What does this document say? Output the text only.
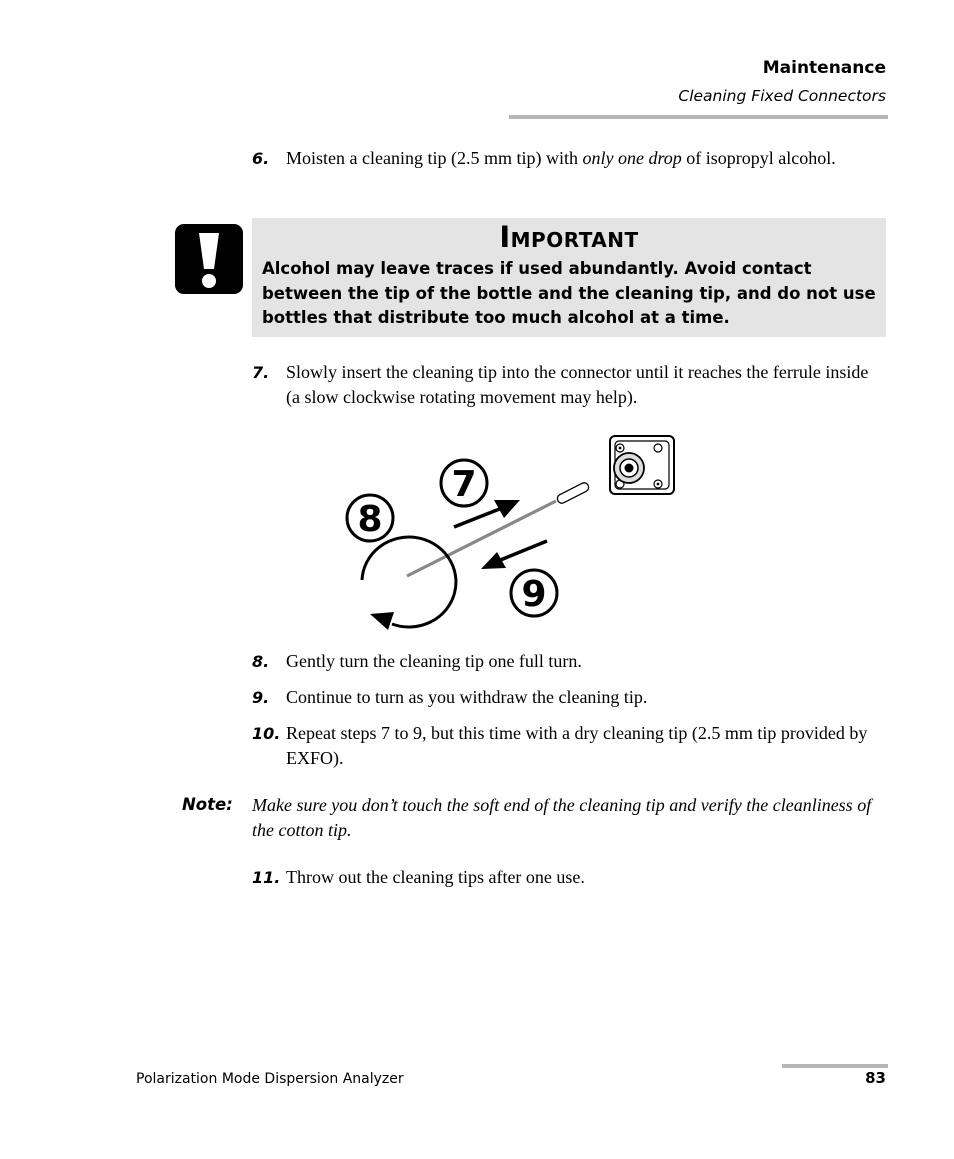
Maintenance
Cleaning Fixed Connectors
6. Moisten a cleaning tip (2.5 mm tip) with only one drop of isopropyl alcohol.
Important
Alcohol may leave traces if used abundantly. Avoid contact between the tip of the bottle and the cleaning tip, and do not use bottles that distribute too much alcohol at a time.
7. Slowly insert the cleaning tip into the connector until it reaches the ferrule inside (a slow clockwise rotating movement may help).
7
8
9
8. Gently turn the cleaning tip one full turn.
9. Continue to turn as you withdraw the cleaning tip.
10. Repeat steps 7 to 9, but this time with a dry cleaning tip (2.5 mm tip provided by EXFO).
Note: Make sure you don’t touch the soft end of the cleaning tip and verify the cleanliness of the cotton tip.
11. Throw out the cleaning tips after one use.
Polarization Mode Dispersion Analyzer	83
